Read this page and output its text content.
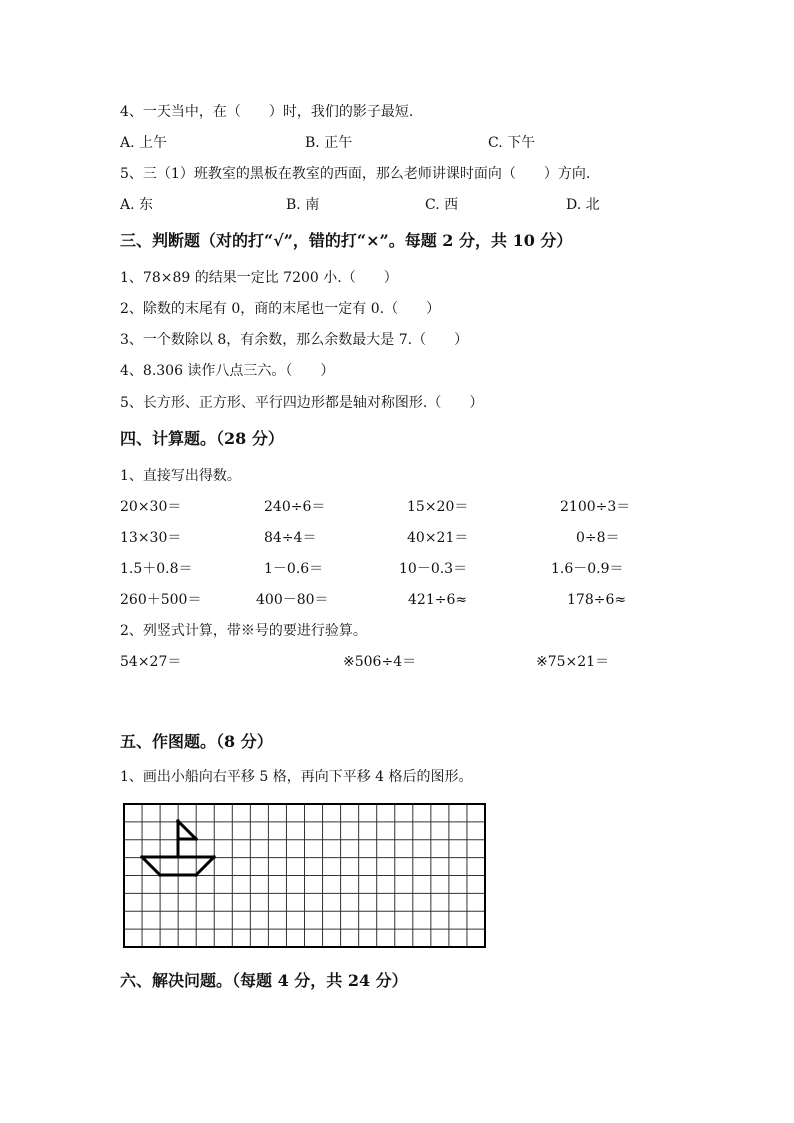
4、一天当中，在（　　）时，我们的影子最短.
A. 上午	B. 正午	C. 下午
5、三（1）班教室的黑板在教室的西面，那么老师讲课时面向（　　）方向.
A. 东	B. 南	C. 西	D. 北
三、判断题（对的打“√”，错的打“×”。每题 2 分，共 10 分）
1、78×89 的结果一定比 7200 小.（　　）
2、除数的末尾有 0，商的末尾也一定有 0.（　　）
3、一个数除以 8，有余数，那么余数最大是 7.（　　）
4、8.306 读作八点三六。（　　）
5、长方形、正方形、平行四边形都是轴对称图形.（　　）
四、计算题。（28 分）
1、直接写出得数。
20×30＝	240÷6＝	15×20＝	2100÷3＝
13×30＝	84÷4＝	40×21＝	0÷8＝
1.5＋0.8＝	1－0.6＝	10－0.3＝	1.6－0.9＝
260＋500＝	400－80＝	421÷6≈	178÷6≈
2、列竖式计算，带※号的要进行验算。
54×27＝	※506÷4＝	※75×21＝
五、作图题。（8 分）
1、画出小船向右平移 5 格，再向下平移 4 格后的图形。
六、解决问题。（每题 4 分，共 24 分）
